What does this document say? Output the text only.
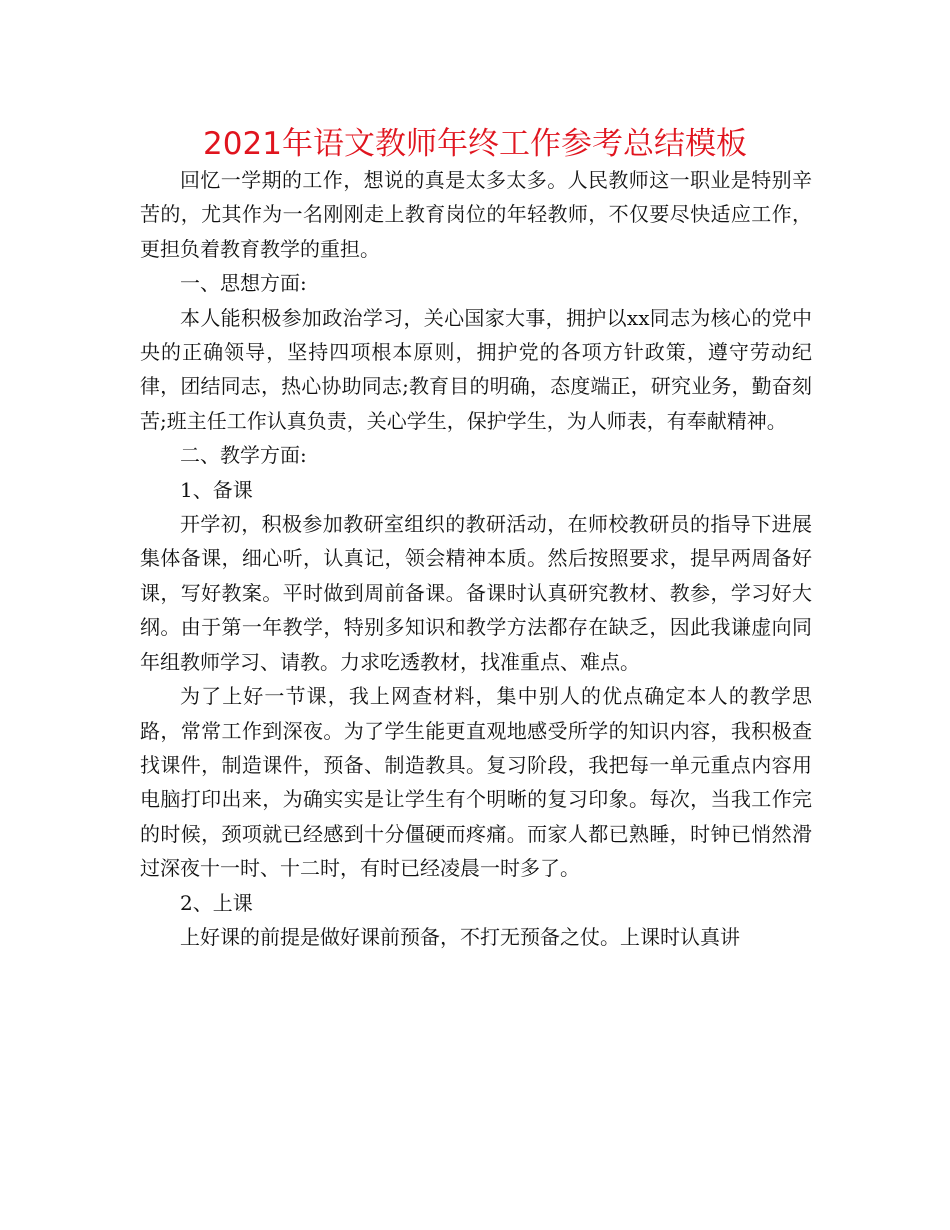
2021年语文教师年终工作参考总结模板

回忆一学期的工作，想说的真是太多太多。人民教师这一职业是特别辛苦的，尤其作为一名刚刚走上教育岗位的年轻教师，不仅要尽快适应工作，更担负着教育教学的重担。

一、思想方面:

本人能积极参加政治学习，关心国家大事，拥护以xx同志为核心的党中央的正确领导，坚持四项根本原则，拥护党的各项方针政策，遵守劳动纪律，团结同志，热心协助同志;教育目的明确，态度端正，研究业务，勤奋刻苦;班主任工作认真负责，关心学生，保护学生，为人师表，有奉献精神。

二、教学方面:

1、备课

开学初，积极参加教研室组织的教研活动，在师校教研员的指导下进展集体备课，细心听，认真记，领会精神本质。然后按照要求，提早两周备好课，写好教案。平时做到周前备课。备课时认真研究教材、教参，学习好大纲。由于第一年教学，特别多知识和教学方法都存在缺乏，因此我谦虚向同年组教师学习、请教。力求吃透教材，找准重点、难点。

为了上好一节课，我上网查材料，集中别人的优点确定本人的教学思路，常常工作到深夜。为了学生能更直观地感受所学的知识内容，我积极查找课件，制造课件，预备、制造教具。复习阶段，我把每一单元重点内容用电脑打印出来，为确实实是让学生有个明晰的复习印象。每次，当我工作完的时候，颈项就已经感到十分僵硬而疼痛。而家人都已熟睡，时钟已悄然滑过深夜十一时、十二时，有时已经凌晨一时多了。

2、上课

上好课的前提是做好课前预备，不打无预备之仗。上课时认真讲
